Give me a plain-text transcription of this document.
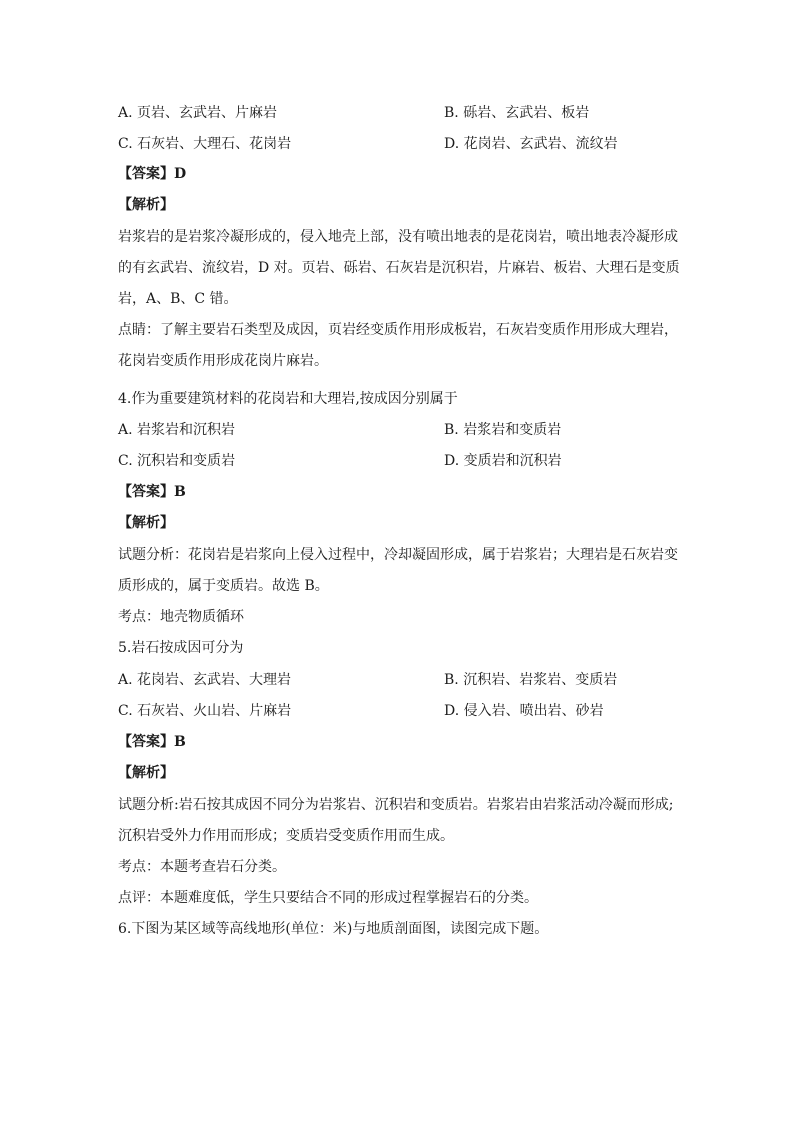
A. 页岩、玄武岩、片麻岩	B. 砾岩、玄武岩、板岩
C. 石灰岩、大理石、花岗岩	D. 花岗岩、玄武岩、流纹岩
【答案】D
【解析】
岩浆岩的是岩浆冷凝形成的，侵入地壳上部，没有喷出地表的是花岗岩，喷出地表冷凝形成
的有玄武岩、流纹岩，D 对。页岩、砾岩、石灰岩是沉积岩，片麻岩、板岩、大理石是变质
岩，A、B、C 错。
点睛：了解主要岩石类型及成因，页岩经变质作用形成板岩，石灰岩变质作用形成大理岩，
花岗岩变质作用形成花岗片麻岩。
4.作为重要建筑材料的花岗岩和大理岩,按成因分别属于
A. 岩浆岩和沉积岩	B. 岩浆岩和变质岩
C. 沉积岩和变质岩	D. 变质岩和沉积岩
【答案】B
【解析】
试题分析：花岗岩是岩浆向上侵入过程中，冷却凝固形成，属于岩浆岩；大理岩是石灰岩变
质形成的，属于变质岩。故选 B。
考点：地壳物质循环
5.岩石按成因可分为
A. 花岗岩、玄武岩、大理岩	B. 沉积岩、岩浆岩、变质岩
C. 石灰岩、火山岩、片麻岩	D. 侵入岩、喷出岩、砂岩
【答案】B
【解析】
试题分析:岩石按其成因不同分为岩浆岩、沉积岩和变质岩。岩浆岩由岩浆活动冷凝而形成;
沉积岩受外力作用而形成；变质岩受变质作用而生成。
考点：本题考查岩石分类。
点评：本题难度低，学生只要结合不同的形成过程掌握岩石的分类。
6.下图为某区域等高线地形(单位：米)与地质剖面图，读图完成下题。
